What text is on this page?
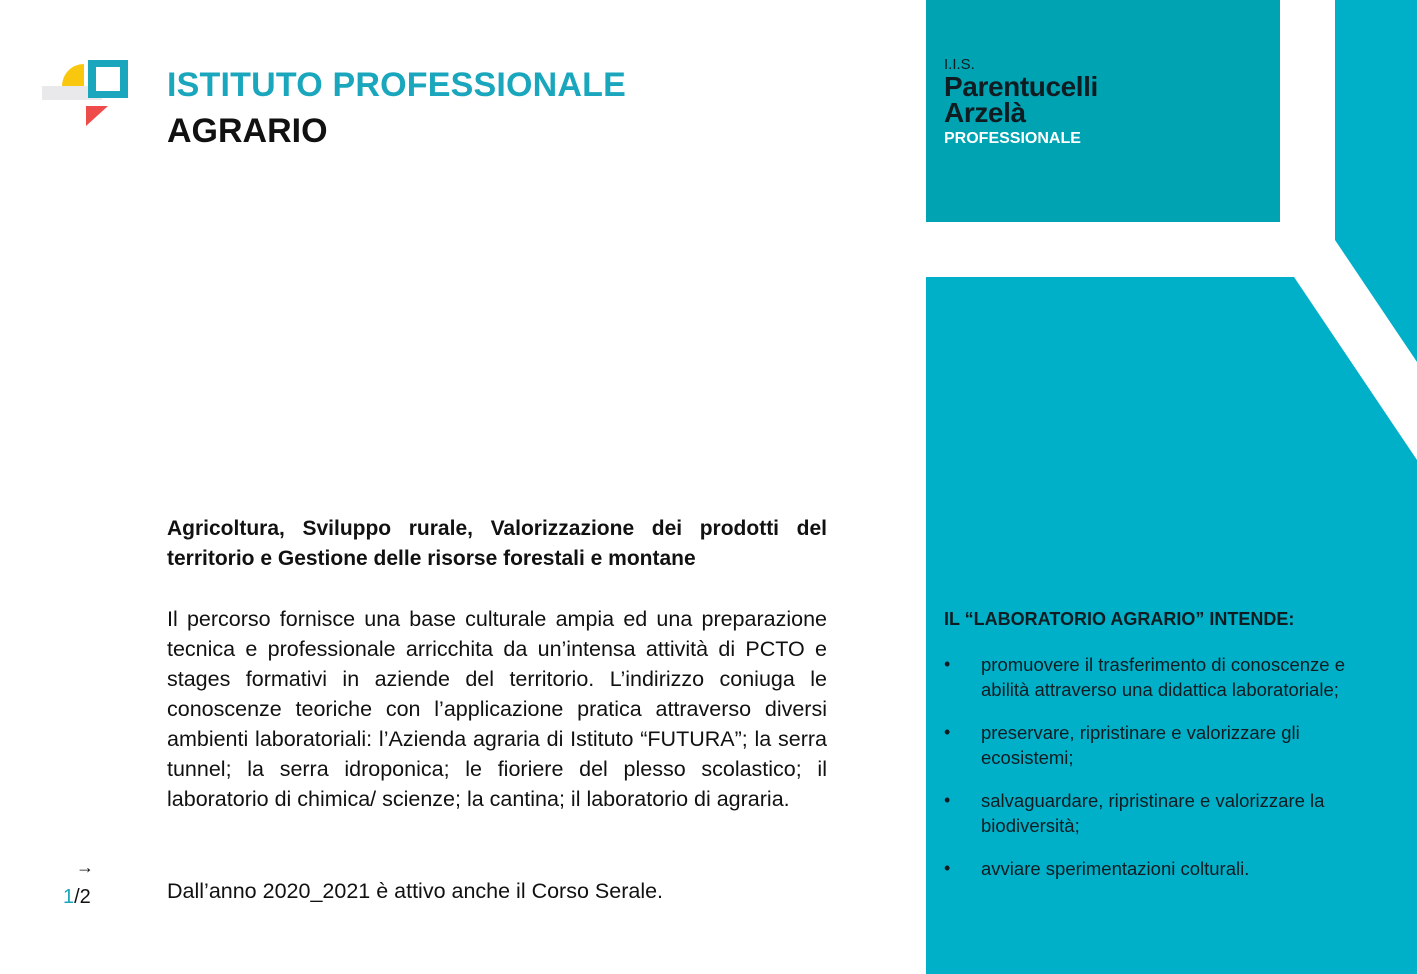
ISTITUTO PROFESSIONALE
AGRARIO
Agricoltura, Sviluppo rurale, Valorizzazione dei prodotti del territorio e Gestione delle risorse forestali e montane
Il percorso fornisce una base culturale ampia ed una preparazione tecnica e professionale arricchita da un’intensa attività di PCTO e stages formativi in aziende del territorio. L’indirizzo coniuga le conoscenze teoriche con l’applicazione pratica attraverso diversi ambienti laboratoriali: l’Azienda agraria di Istituto “FUTURA”; la serra tunnel; la serra idroponica; le fioriere del plesso scolastico; il laboratorio di chimica/ scienze; la cantina; il laboratorio di agraria.
Dall’anno 2020_2021 è attivo anche il Corso Serale.
→
1/2
I.I.S.
Parentucelli
Arzelà
PROFESSIONALE
IL “LABORATORIO AGRARIO” INTENDE:
• promuovere il trasferimento di conoscenze e abilità attraverso una didattica laboratoriale;
• preservare, ripristinare e valorizzare gli ecosistemi;
• salvaguardare, ripristinare e valorizzare la biodiversità;
• avviare sperimentazioni colturali.
